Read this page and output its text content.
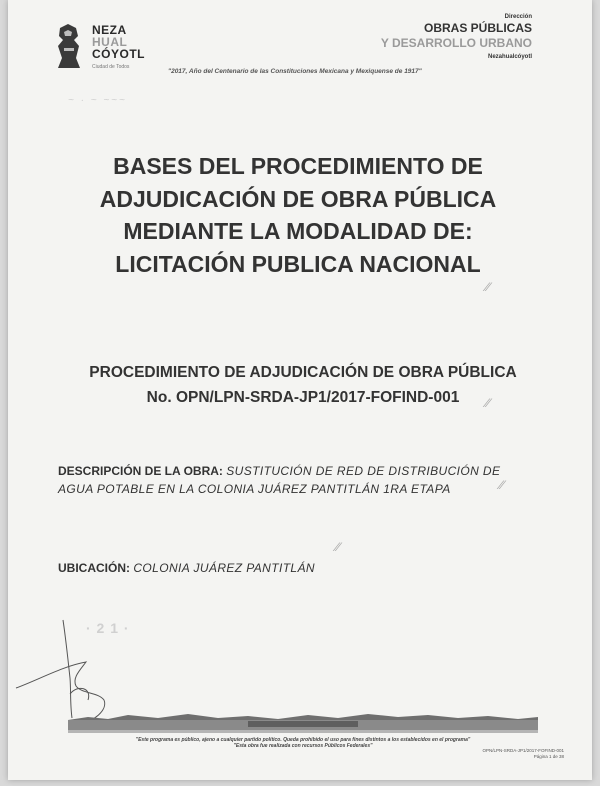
NEZA
HUAL
CÓYOTL
Ciudad de Todos
Dirección
OBRAS PÚBLICAS
Y DESARROLLO URBANO
Nezahualcóyotl
"2017, Año del Centenario de las Constituciones Mexicana y Mexiquense de 1917"
~ · ~ ~~~
BASES DEL PROCEDIMIENTO DE
ADJUDICACIÓN DE OBRA PÚBLICA
MEDIANTE LA MODALIDAD DE:
LICITACIÓN PUBLICA NACIONAL
⁄⁄
PROCEDIMIENTO DE ADJUDICACIÓN DE OBRA PÚBLICA
No. OPN/LPN-SRDA-JP1/2017-FOFIND-001	⁄⁄
DESCRIPCIÓN DE LA OBRA: SUSTITUCIÓN DE RED DE DISTRIBUCIÓN DE
AGUA POTABLE EN LA COLONIA JUÁREZ PANTITLÁN 1RA ETAPA	⁄⁄
⁄⁄
UBICACIÓN: COLONIA JUÁREZ PANTITLÁN
· 2 1 ·
"Este programa es público, ajeno a cualquier partido político. Queda prohibido el uso para fines distintos a los establecidos en el programa"
"Esta obra fue realizada con recursos Públicos Federales"
OPN/LPN-SRDA-JP1/2017-FOFIND-001
Página 1 de 38
